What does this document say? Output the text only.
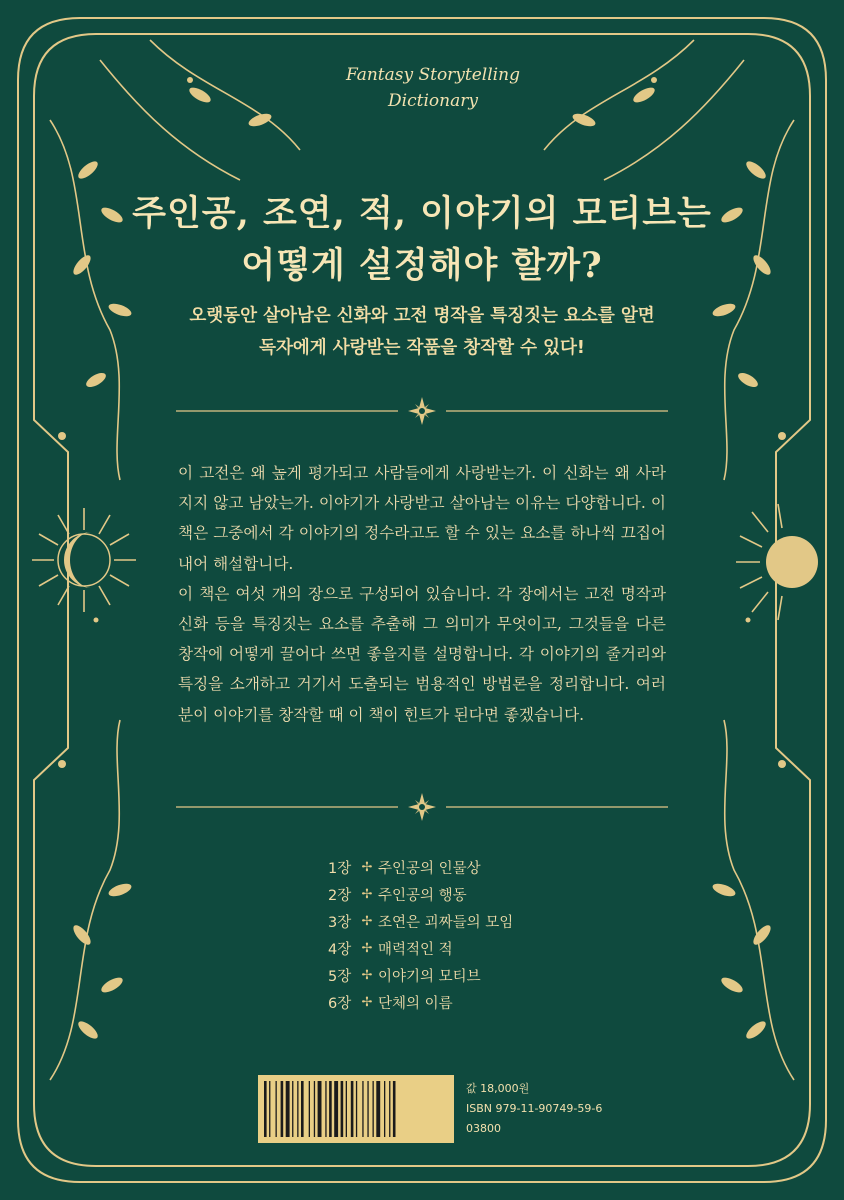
Fantasy Storytelling
Dictionary
주인공, 조연, 적, 이야기의 모티브는
어떻게 설정해야 할까?
오랫동안 살아남은 신화와 고전 명작을 특징짓는 요소를 알면
독자에게 사랑받는 작품을 창작할 수 있다!

이 고전은 왜 높게 평가되고 사람들에게 사랑받는가. 이 신화는 왜 사라지지 않고 남았는가. 이야기가 사랑받고 살아남는 이유는 다양합니다. 이 책은 그중에서 각 이야기의 정수라고도 할 수 있는 요소를 하나씩 끄집어내어 해설합니다.

이 책은 여섯 개의 장으로 구성되어 있습니다. 각 장에서는 고전 명작과 신화 등을 특징짓는 요소를 추출해 그 의미가 무엇이고, 그것들을 다른 창작에 어떻게 끌어다 쓰면 좋을지를 설명합니다. 각 이야기의 줄거리와 특징을 소개하고 거기서 도출되는 범용적인 방법론을 정리합니다. 여러분이 이야기를 창작할 때 이 책이 힌트가 된다면 좋겠습니다.

1장 ✢ 주인공의 인물상
2장 ✢ 주인공의 행동
3장 ✢ 조연은 괴짜들의 모임
4장 ✢ 매력적인 적
5장 ✢ 이야기의 모티브
6장 ✢ 단체의 이름
값 18,000원
ISBN 979-11-90749-59-6
03800
